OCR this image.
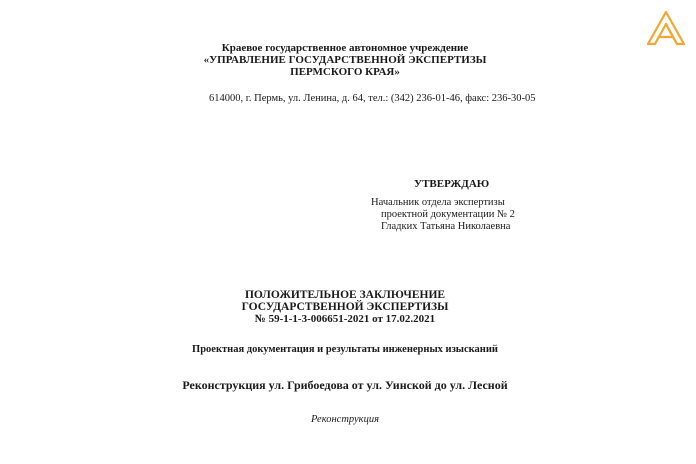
Краевое государственное автономное учреждение
«УПРАВЛЕНИЕ ГОСУДАРСТВЕННОЙ ЭКСПЕРТИЗЫ
ПЕРМСКОГО КРАЯ»
614000, г. Пермь, ул. Ленина, д. 64, тел.: (342) 236-01-46, факс: 236-30-05
УТВЕРЖДАЮ
Начальник отдела экспертизы
проектной документации № 2
Гладких Татьяна Николаевна
ПОЛОЖИТЕЛЬНОЕ ЗАКЛЮЧЕНИЕ
ГОСУДАРСТВЕННОЙ ЭКСПЕРТИЗЫ
№ 59-1-1-3-006651-2021 от 17.02.2021
Проектная документация и результаты инженерных изысканий
Реконструкция ул. Грибоедова от ул. Уинской до ул. Лесной
Реконструкция
